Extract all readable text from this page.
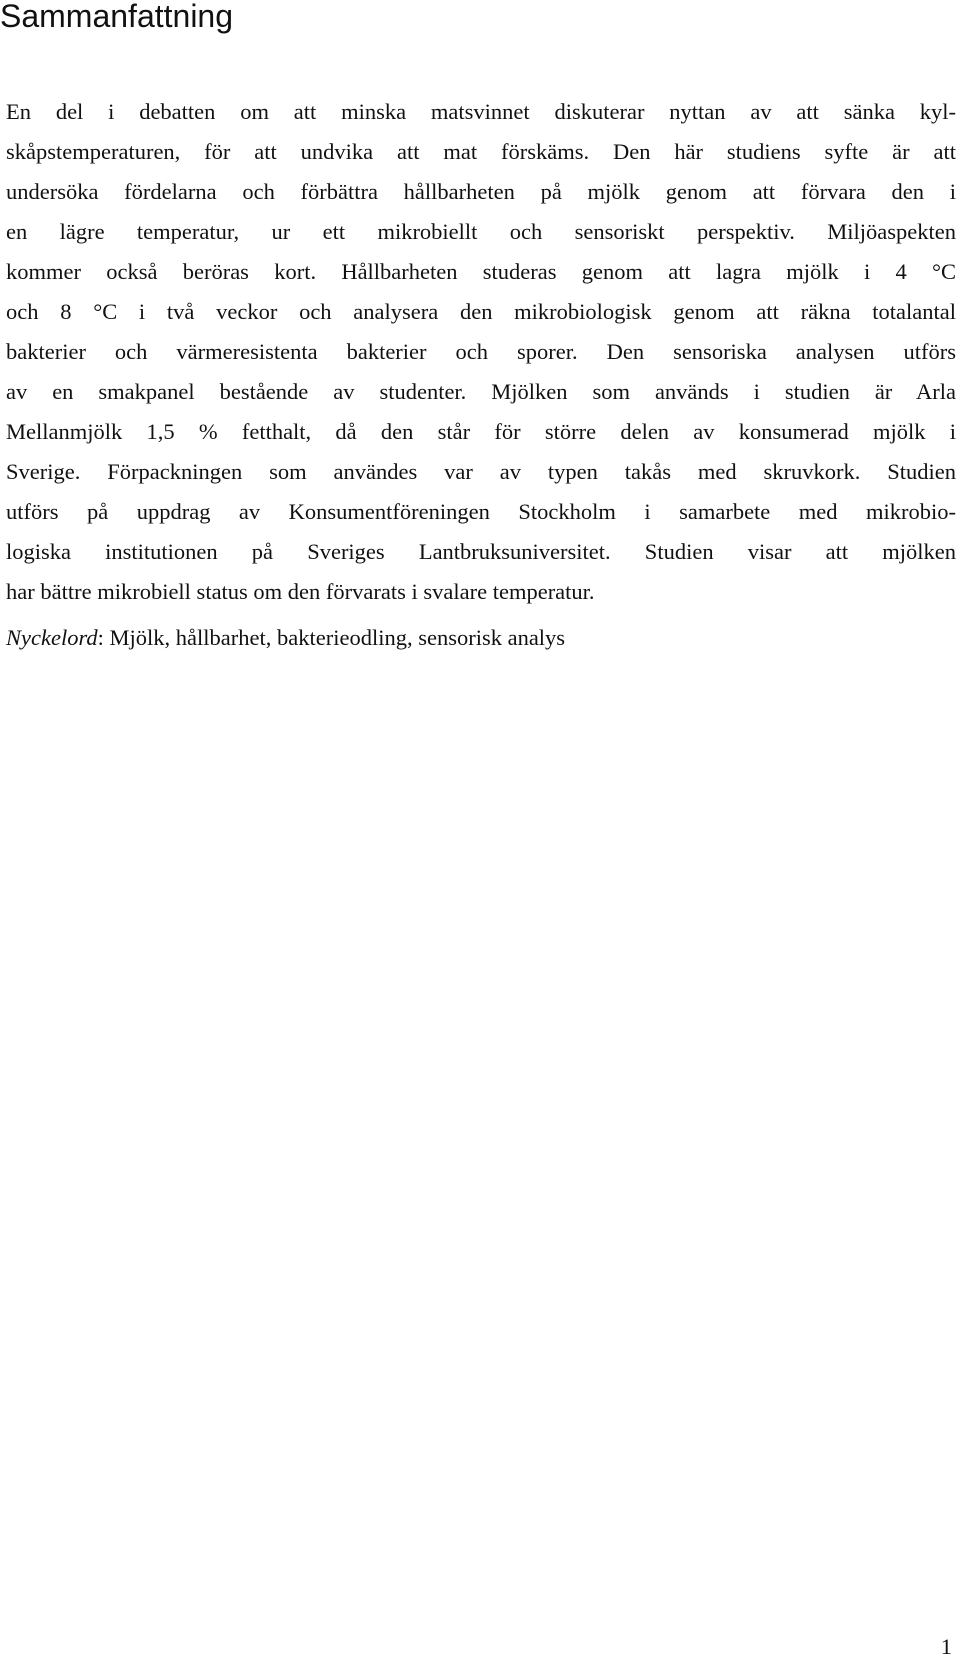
Sammanfattning
En del i debatten om att minska matsvinnet diskuterar nyttan av att sänka kyl-
skåpstemperaturen, för att undvika att mat förskäms. Den här studiens syfte är att
undersöka fördelarna och förbättra hållbarheten på mjölk genom att förvara den i
en lägre temperatur, ur ett mikrobiellt och sensoriskt perspektiv. Miljöaspekten
kommer också beröras kort. Hållbarheten studeras genom att lagra mjölk i 4 °C
och 8 °C i två veckor och analysera den mikrobiologisk genom att räkna totalantal
bakterier och värmeresistenta bakterier och sporer. Den sensoriska analysen utförs
av en smakpanel bestående av studenter. Mjölken som används i studien är Arla
Mellanmjölk 1,5 % fetthalt, då den står för större delen av konsumerad mjölk i
Sverige. Förpackningen som användes var av typen takås med skruvkork. Studien
utförs på uppdrag av Konsumentföreningen Stockholm i samarbete med mikrobio-
logiska institutionen på Sveriges Lantbruksuniversitet. Studien visar att mjölken
har bättre mikrobiell status om den förvarats i svalare temperatur.

Nyckelord: Mjölk, hållbarhet, bakterieodling, sensorisk analys

1
